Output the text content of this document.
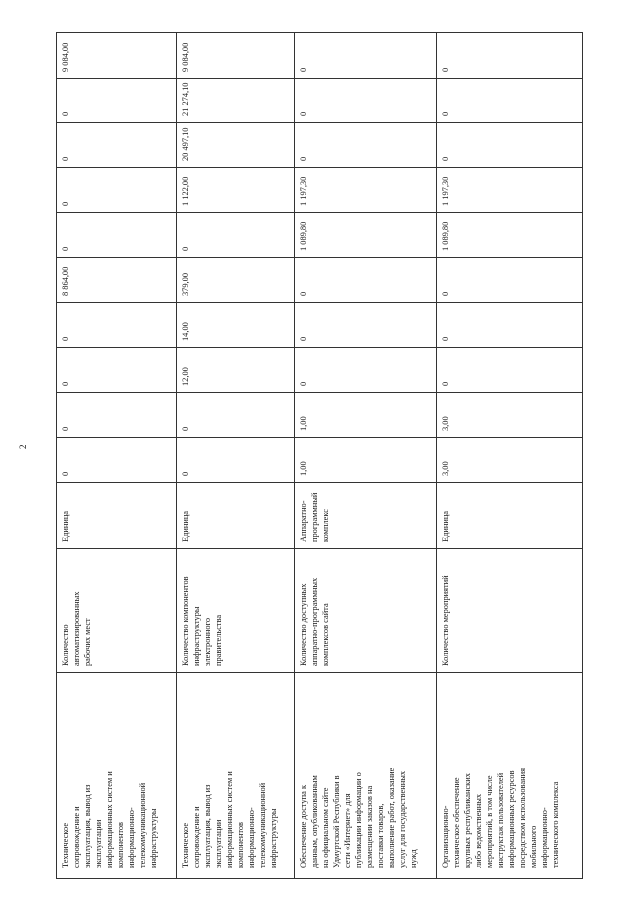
2
Техническое
сопровождение и
эксплуатация, вывод из
эксплуатации
информационных систем и
компонентов
информационно-
телекоммуникационной
инфраструктуры
Количество
автоматизированных
рабочих мест
Единица
0
0
0
0
8 864,00
0
0
0
0
9 084,00
Техническое
сопровождение и
эксплуатация, вывод из
эксплуатации
информационных систем и
компонентов
информационно-
телекоммуникационной
инфраструктуры
Количество компонентов
инфраструктуры
электронного
правительства
Единица
0
0
12,00
14,00
379,00
0
1 122,00
20 497,10
21 274,10
9 084,00
Обеспечение доступа к
данным, опубликованным
на официальном сайте
Удмуртской Республики в
сети «Интернет» для
публикации информации о
размещении заказов на
поставки товаров,
выполнение работ, оказание
услуг для государственных
нужд
Количество доступных
аппаратно-программных
комплексов сайта
Аппаратно-
программный
комплекс
1,00
1,00
0
0
0
1 089,80
1 197,30
0
0
0
Организационно-
техническое обеспечение
крупных республиканских
либо ведомственных
мероприятий, в том числе
инструктаж пользователей
информационных ресурсов
посредством использования
мобильного
информационно-
технического комплекса
Количество мероприятий
Единица
3,00
3,00
0
0
0
1 089,80
1 197,30
0
0
0
